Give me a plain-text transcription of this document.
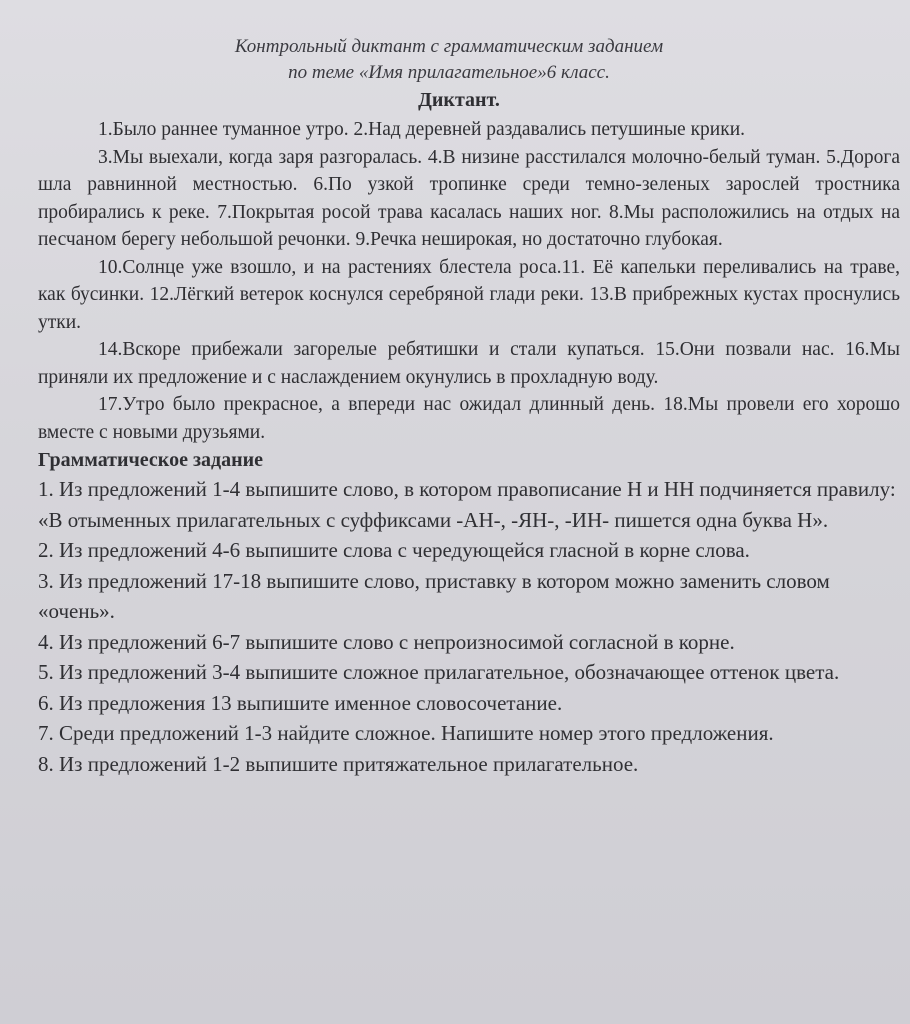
Контрольный диктант с грамматическим заданием
по теме «Имя прилагательное»6 класс.
Диктант.

1.Было раннее туманное утро. 2.Над деревней раздавались петушиные крики.

3.Мы выехали, когда заря разгоралась. 4.В низине расстилался молочно-белый туман. 5.Дорога шла равнинной местностью. 6.По узкой тропинке среди темно-зеленых зарослей тростника пробирались к реке. 7.Покрытая росой трава касалась наших ног. 8.Мы расположились на отдых на песчаном берегу небольшой речонки. 9.Речка неширокая, но достаточно глубокая.

10.Солнце уже взошло, и на растениях блестела роса.11. Её капельки переливались на траве, как бусинки. 12.Лёгкий ветерок коснулся серебряной глади реки. 13.В прибрежных кустах проснулись утки.

14.Вскоре прибежали загорелые ребятишки и стали купаться. 15.Они позвали нас. 16.Мы приняли их предложение и с наслаждением окунулись в прохладную воду.

17.Утро было прекрасное, а впереди нас ожидал длинный день. 18.Мы провели его хорошо вместе с новыми друзьями.

Грамматическое задание
1. Из предложений 1-4 выпишите слово, в котором правописание Н и НН подчиняется правилу: «В отыменных прилагательных с суффиксами -АН-, -ЯН-, -ИН- пишется одна буква Н».
2. Из предложений 4-6 выпишите слова с чередующейся гласной в корне слова.
3. Из предложений 17-18 выпишите слово, приставку в котором можно заменить словом «очень».
4. Из предложений 6-7 выпишите слово с непроизносимой согласной в корне.
5. Из предложений 3-4 выпишите сложное прилагательное, обозначающее оттенок цвета.
6. Из предложения 13 выпишите именное словосочетание.
7. Среди предложений 1-3 найдите сложное. Напишите номер этого предложения.
8. Из предложений 1-2 выпишите притяжательное прилагательное.
